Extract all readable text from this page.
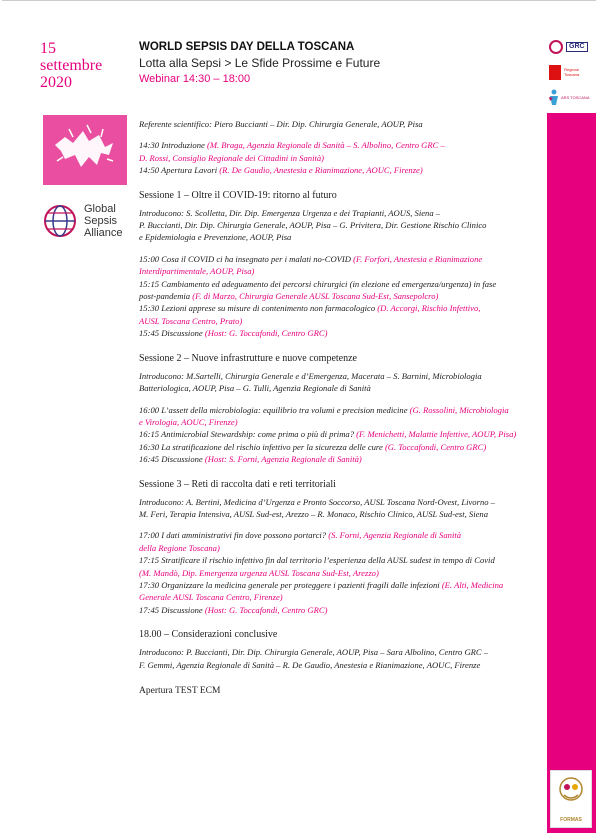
15
settembre
2020
WORLD SEPSIS DAY DELLA TOSCANA
Lotta alla Sepsi > Le Sfide Prossime e Future
Webinar 14:30 – 18:00
GRC
Regione Toscana
ARS TOSCANA
Global
Sepsis
Alliance
Referente scientifico: Piero Buccianti – Dir. Dip. Chirurgia Generale, AOUP, Pisa
14:30 Introduzione (M. Braga, Agenzia Regionale di Sanità – S. Albolino, Centro GRC –
D. Rossi, Consiglio Regionale dei Cittadini in Sanità)
14:50 Apertura Lavori (R. De Gaudio, Anestesia e Rianimazione, AOUC, Firenze)
Sessione 1 – Oltre il COVID-19: ritorno al futuro
Introducono: S. Scolletta, Dir. Dip. Emergenza Urgenza e dei Trapianti, AOUS, Siena –
P. Buccianti, Dir. Dip. Chirurgia Generale, AOUP, Pisa – G. Privitera, Dir. Gestione Rischio Clinico
e Epidemiologia e Prevenzione, AOUP, Pisa
15:00 Cosa il COVID ci ha insegnato per i malati no-COVID (F. Forfori, Anestesia e Rianimazione
Interdipartimentale, AOUP, Pisa)
15:15 Cambiamento ed adeguamento dei percorsi chirurgici (in elezione ed emergenza/urgenza) in fase
post-pandemia (F. di Marzo, Chirurgia Generale AUSL Toscana Sud-Est, Sansepolcro)
15:30 Lezioni apprese su misure di contenimento non farmacologico (D. Accorgi, Rischio Infettivo,
AUSL Toscana Centro, Prato)
15:45 Discussione (Host: G. Toccafondi, Centro GRC)
Sessione 2 – Nuove infrastrutture e nuove competenze
Introducono: M.Sartelli, Chirurgia Generale e d’Emergenza, Macerata – S. Barnini, Microbiologia
Batteriologica, AOUP, Pisa – G. Tulli, Agenzia Regionale di Sanità
16:00 L’assett della microbiologia: equilibrio tra volumi e precision medicine (G. Rossolini, Microbiologia
e Virologia, AOUC, Firenze)
16:15 Antimicrobial Stewardship: come prima o più di prima? (F. Menichetti, Malattie Infettive, AOUP, Pisa)
16:30 La stratificazione del rischio infettivo per la sicurezza delle cure (G. Toccafondi, Centro GRC)
16:45 Discussione (Host: S. Forni, Agenzia Regionale di Sanità)
Sessione 3 – Reti di raccolta dati e reti territoriali
Introducono: A. Bertini, Medicina d’Urgenza e Pronto Soccorso, AUSL Toscana Nord-Ovest, Livorno –
M. Feri, Terapia Intensiva, AUSL Sud-est, Arezzo – R. Monaco, Rischio Clinico, AUSL Sud-est, Siena
17:00 I dati amministrativi fin dove possono portarci? (S. Forni, Agenzia Regionale di Sanità
della Regione Toscana)
17:15 Stratificare il rischio infettivo fin dal territorio l’esperienza della AUSL sudest in tempo di Covid
(M. Mandò, Dip. Emergenza urgenza AUSL Toscana Sud-Est, Arezzo)
17:30 Organizzare la medicina generale per proteggere i pazienti fragili dalle infezioni (E. Alti, Medicina
Generale AUSL Toscana Centro, Firenze)
17:45 Discussione (Host: G. Toccafondi, Centro GRC)
18.00 – Considerazioni conclusive
Introducono: P. Buccianti, Dir. Dip. Chirurgia Generale, AOUP, Pisa – Sara Albolino, Centro GRC –
F. Gemmi, Agenzia Regionale di Sanità – R. De Gaudio, Anestesia e Rianimazione, AOUC, Firenze
Apertura TEST ECM
FORMAS
